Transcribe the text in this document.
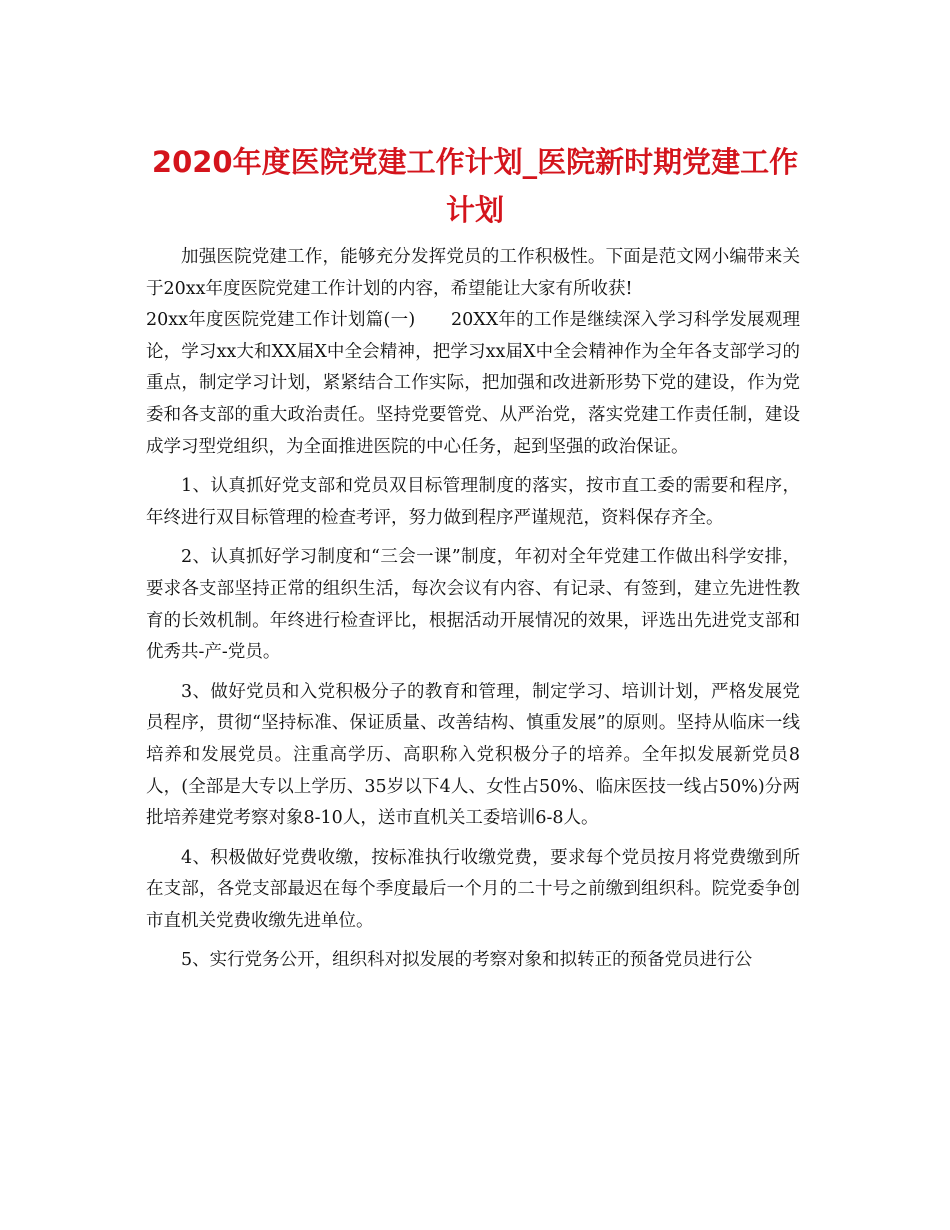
2020年度医院党建工作计划_医院新时期党建工作计划

加强医院党建工作，能够充分发挥党员的工作积极性。下面是范文网小编带来关于20xx年度医院党建工作计划的内容，希望能让大家有所收获!

20xx年度医院党建工作计划篇(一)　　20XX年的工作是继续深入学习科学发展观理论，学习xx大和XX届X中全会精神，把学习xx届X中全会精神作为全年各支部学习的重点，制定学习计划，紧紧结合工作实际，把加强和改进新形势下党的建设，作为党委和各支部的重大政治责任。坚持党要管党、从严治党，落实党建工作责任制，建设成学习型党组织，为全面推进医院的中心任务，起到坚强的政治保证。

1、认真抓好党支部和党员双目标管理制度的落实，按市直工委的需要和程序，年终进行双目标管理的检查考评，努力做到程序严谨规范，资料保存齐全。

2、认真抓好学习制度和“三会一课”制度，年初对全年党建工作做出科学安排，要求各支部坚持正常的组织生活，每次会议有内容、有记录、有签到，建立先进性教育的长效机制。年终进行检查评比，根据活动开展情况的效果，评选出先进党支部和优秀共-产-党员。

3、做好党员和入党积极分子的教育和管理，制定学习、培训计划，严格发展党员程序，贯彻“坚持标准、保证质量、改善结构、慎重发展”的原则。坚持从临床一线培养和发展党员。注重高学历、高职称入党积极分子的培养。全年拟发展新党员8人，(全部是大专以上学历、35岁以下4人、女性占50%、临床医技一线占50%)分两批培养建党考察对象8-10人，送市直机关工委培训6-8人。

4、积极做好党费收缴，按标准执行收缴党费，要求每个党员按月将党费缴到所在支部，各党支部最迟在每个季度最后一个月的二十号之前缴到组织科。院党委争创市直机关党费收缴先进单位。

5、实行党务公开，组织科对拟发展的考察对象和拟转正的预备党员进行公
